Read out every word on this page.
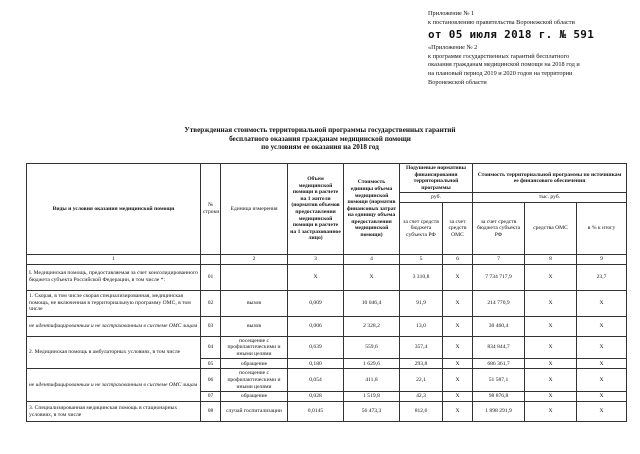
Приложение № 1
к постановлению правительства Воронежской области
от 05 июля 2018 г. № 591
«Приложение № 2
к программе государственных гарантий бесплатного
оказания гражданам медицинской помощи на 2018 год и
на плановый период 2019 и 2020 годов на территории
Воронежской области
Утвержденная стоимость территориальной программы государственных гарантий
бесплатного оказания гражданам медицинской помощи
по условиям ее оказания на 2018 год
Виды и условия оказания медицинской помощи	№ строки	Единица измерения	Объем медицинской помощи в расчете на 1 жителя (норматив объемов предоставления медицинской помощи в расчете на 1 застрахованное лицо)	Стоимость единицы объема медицинской помощи (норматив финансовых затрат на единицу объема предоставления медицинской помощи)	Подушевые нормативы финансирования территориальной программы		Стоимость территориальной программы по источникам ее финансового обеспечения		
					руб.		тыс. руб.		
					за счет средств бюджета субъекта РФ	за счет средств ОМС	за счет средств бюджета субъекта РФ	средства ОМС	в % к итогу
1		2	3	4	5	6	7	8	9
I. Медицинская помощь, предоставляемая за счет консолидированного бюджета субъекта Российской Федерации, в том числе *:	01		X	X	3 310,8	X	7 734 717,9	X	23,7
1. Скорая, в том числе скорая специализированная, медицинская помощь, не включенная в территориальную программу ОМС, в том числе	02	вызов	0,009	10 046,4	91,9	X	214 770,9	X	X
не идентифицированным и не застрахованным в системе ОМС лицам	03	вызов	0,006	2 328,2	13,0	X	30 460,4	X	X
2. Медицинская помощь в амбулаторных условиях, в том числе	04	посещение с профилактическими и иными целями	0,639	559,6	357,4	X	834 844,7	X	X
	05	обращение	0,180	1 629,6	293,8	X	686 361,7	X	X
не идентифицированным и не застрахованным в системе ОМС лицам	06	посещение с профилактическими и иными целями	0,054	411,8	22,1	X	51 587,1	X	X
	07	обращение	0,028	1 519,8	42,3	X	98 876,8	X	X
3. Специализированная медицинская помощь в стационарных условиях, в том числе	08	случай госпитализации	0,0145	56 473,3	812,6	X	1 898 291,9	X	X
